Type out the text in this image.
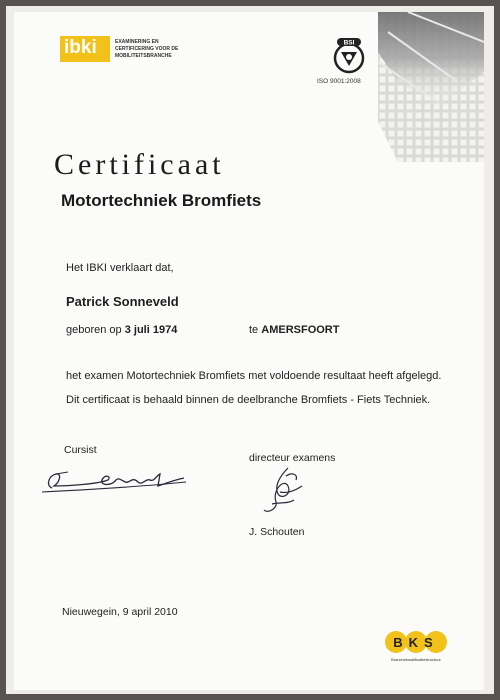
ibki	EXAMINERING EN
CERTIFICERING VOOR DE
MOBILITEITSBRANCHE
BSI
ISO 9001:2008
Certificaat
Motortechniek Bromfiets
Het IBKI verklaart dat,
Patrick Sonneveld
geboren op 3 juli 1974	te AMERSFOORT
het examen Motortechniek Bromfiets met voldoende resultaat heeft afgelegd.
Dit certificaat is behaald binnen de deelbranche Bromfiets - Fiets Techniek.
Cursist
directeur examens
J. Schouten
Nieuwegein, 9 april 2010
BKS
Branchekwalificatiestructuur
